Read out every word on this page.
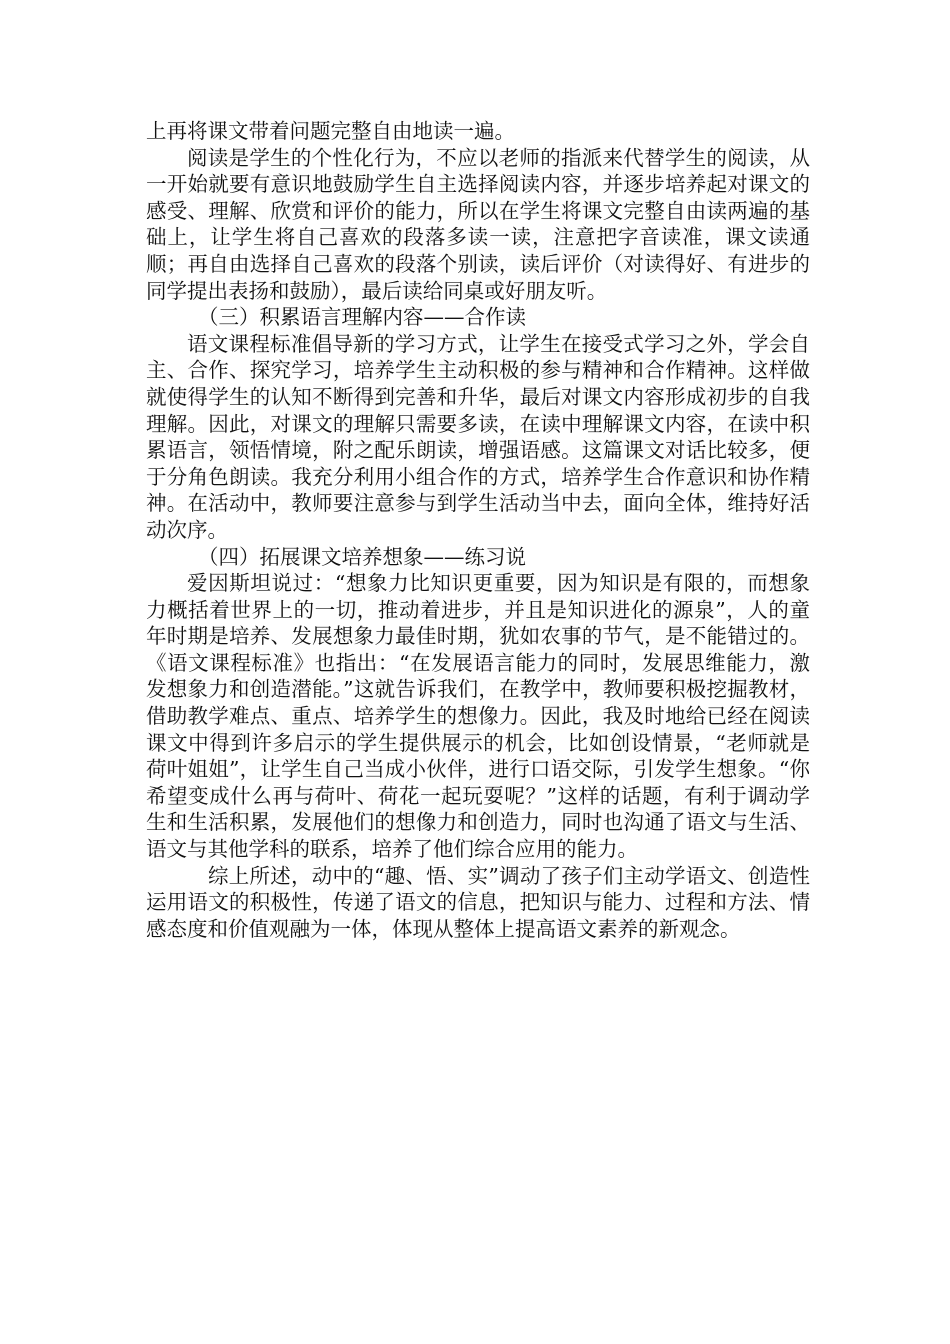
上再将课文带着问题完整自由地读一遍。

阅读是学生的个性化行为，不应以老师的指派来代替学生的阅读，从一开始就要有意识地鼓励学生自主选择阅读内容，并逐步培养起对课文的感受、理解、欣赏和评价的能力，所以在学生将课文完整自由读两遍的基础上，让学生将自己喜欢的段落多读一读，注意把字音读准，课文读通顺；再自由选择自己喜欢的段落个别读，读后评价（对读得好、有进步的同学提出表扬和鼓励），最后读给同桌或好朋友听。

（三）积累语言理解内容——合作读

语文课程标准倡导新的学习方式，让学生在接受式学习之外，学会自主、合作、探究学习，培养学生主动积极的参与精神和合作精神。这样做就使得学生的认知不断得到完善和升华，最后对课文内容形成初步的自我理解。因此，对课文的理解只需要多读，在读中理解课文内容，在读中积累语言，领悟情境，附之配乐朗读，增强语感。这篇课文对话比较多，便于分角色朗读。我充分利用小组合作的方式，培养学生合作意识和协作精神。在活动中，教师要注意参与到学生活动当中去，面向全体，维持好活动次序。

（四）拓展课文培养想象——练习说

爱因斯坦说过：“想象力比知识更重要，因为知识是有限的，而想象力概括着世界上的一切，推动着进步，并且是知识进化的源泉”，人的童年时期是培养、发展想象力最佳时期，犹如农事的节气，是不能错过的。《语文课程标准》也指出：“在发展语言能力的同时，发展思维能力，激发想象力和创造潜能。”这就告诉我们，在教学中，教师要积极挖掘教材，借助教学难点、重点、培养学生的想像力。因此，我及时地给已经在阅读课文中得到许多启示的学生提供展示的机会，比如创设情景，“老师就是荷叶姐姐”，让学生自己当成小伙伴，进行口语交际，引发学生想象。“你希望变成什么再与荷叶、荷花一起玩耍呢？”这样的话题，有利于调动学生和生活积累，发展他们的想像力和创造力，同时也沟通了语文与生活、语文与其他学科的联系，培养了他们综合应用的能力。

综上所述，动中的“趣、悟、实”调动了孩子们主动学语文、创造性运用语文的积极性，传递了语文的信息，把知识与能力、过程和方法、情感态度和价值观融为一体，体现从整体上提高语文素养的新观念。
